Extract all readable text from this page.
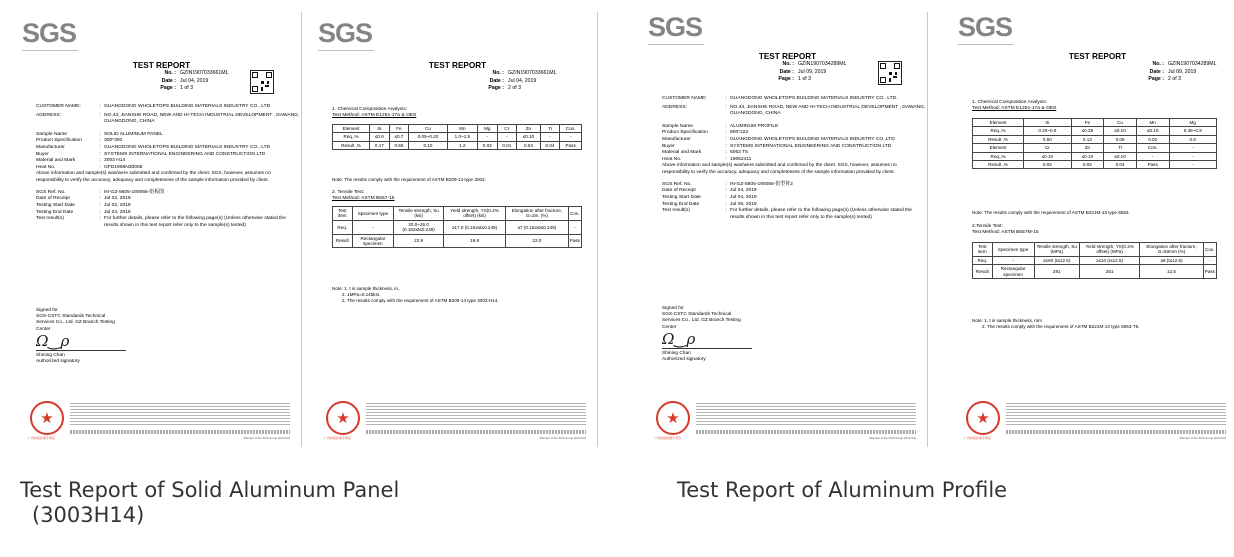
SGS
TEST REPORT
No. : GZIN1907033661ML
Date : Jul 04, 2019
Page : 1 of 3
CUSTOMER NAME:	: GUANGDONG WHOLETOPS BUILDING MATERIALS INDUSTRY CO., LTD
ADDRESS:	: NO.43, JIANSHE ROAD, NEW AND HI-TECH INDUSTRIAL DEVELOPMENT , DAWANG, GUANGDONG, CHINA
Sample Name	: SOLID ALUMINUM PANEL
Product Specification	: 300*300
Manufacturer	: GUANGDONG WHOLETOPS BUILDING MATERIALS INDUSTRY CO., LTD
Buyer	: SYSTEMS INTERNATIONAL ENGINEERING AND CONSTRUCTION LTD
Material and Mark	: 3003 H14
Heat No.	: GFD1906N30008
Above information and sample(s) was/were submitted and confirmed by the client. SGS, however, assumes no responsibility to verify the accuracy, adequacy and completeness of the sample information provided by client.
SGS Ref. No.	: IN-GZ-5605-190056-铝板图
Date of Receipt	: Jul 02, 2019
Testing Start Date	: Jul 02, 2019
Testing End Date	: Jul 04, 2019
Test result(s)	: For further details, please refer to the following page(s) (Unless otherwise stated the results shown in this test report refer only to the sample(s) tested)
Signed for
SGS-CSTC Standards Technical
Services Co., Ltd. GZ Branch Testing
Center
Ω‿ρ
Shining Chan
Authorized signatory
★
广州检验检测专用章	Member of the SGS Group (SGS SA)
SGS
TEST REPORT
No. : GZIN1907033661ML
Date : Jul 04, 2019
Page : 2 of 3
1. Chemical Composition Analysis:
Test Method: ASTM E1251-17a & OES
Element	Si	Fe	Cu	Mn	Mg	Cr	Zn	Ti	Con.
Req.,%	≤0.6	≤0.7	0.05~0.20	1.0~1.5	-	-	≤0.10	-	-
Result ,%	0.17	0.55	0.10	1.2	0.03	0.01	0.04	0.04	Pass
Note: The results comply with the requirement of ASTM B209-14 type 3003.
2. Tensile Test:
Test Method: ASTM B557-15
Test item	Specimen type	Tensile strength, Su (ksi)	Yield strength, YS(0.2% offset) (ksi)	Elongation after fracture, G=2in. (%)	Con.
Req.	-	20.0~26.0 (0.162≤t≤0.249)	≥17.0 (0.162≤t≤0.249)	≥7 (0.162≤t≤0.249)	-
Result	Rectangular specimen	22.9	19.9	22.0	Pass
Note: 1. t is sample thickness, in..
2. 1MPa=0.145ksi.
2. The results comply with the requirement of ASTM B209-14 type 3003-H14.
★
广州检验检测专用章	Member of the SGS Group (SGS SA)
SGS
TEST REPORT
No. : GZIN1907034289ML
Date : Jul 09, 2019
Page : 1 of 3
CUSTOMER NAME:	: GUANGDONG WHOLETOPS BUILDING MATERIALS INDUSTRY CO., LTD.
ADDRESS:	: NO.43, JIANSHE ROAD, NEW AND HI-TECH INDUSTRIAL DEVELOPMENT , DAWANG, GUANGDONG, CHINA
Sample Name	: ALUMINUM PROFILE
Product Specification	: 800*222
Manufacturer	: GUANGDONG WHOLETOPS BUILDING MATERIALS INDUSTRY CO.,LTD
Buyer	: SYSTEMS INTERNATIONAL ENGINEERING AND CONSTRUCTION LTD
Material and Mark	: 6063 T5
Heat No.	: 19062411
Above information and sample(s) was/were submitted and confirmed by the client. SGS, however, assumes no responsibility to verify the accuracy, adequacy and completeness of the sample information provided by client.
SGS Ref. No.	: IN-GZ-5605-190056-铝型材2
Date of Receipt	: Jul 04, 2019
Testing Start Date	: Jul 04, 2019
Testing End Date	: Jul 09, 2019
Test result(s)	: For further details, please refer to the following page(s) (Unless otherwise stated the results shown in this test report refer only to the sample(s) tested)
Signed for
SGS-CSTC Standards Technical
Services Co., Ltd. GZ Branch Testing
Center
Ω‿ρ
Shining Chan
Authorized signatory
★
广州检验检测专用章	Member of the SGS Group (SGS SA)
SGS
TEST REPORT
No. : GZIN1907034289ML
Date : Jul 09, 2019
Page : 2 of 3
1. Chemical Composition Analysis:
Test Method: ASTM E1251-17a & OES
Element	Si	Fe	Cu	Mn	Mg
Req.,%	0.20~0.6	≤0.35	≤0.10	≤0.10	0.45~0.9
Result ,%	0.50	0.13	0.06	0.02	0.6
Element	Cr	Zn	Ti	Con.	-
Req.,%	≤0.10	≤0.10	≤0.10	-	-
Result ,%	0.02	0.02	0.04	Pass	-
Note: The results comply with the requirement of ASTM B221M-13 type 6063.
2.Tensile Test:
Test Method: ASTM B557M-15
Test item	Specimen type	Tensile strength, Su (MPa)	Yield strength, YS(0.2% offset) (MPa)	Elongation after fracture, G=50mm (%)	Con.
Req.	-	≥160 (t≤12.5)	≥110 (t≤12.5)	≥8 (t≤12.5)	-
Result	Rectangular specimen	281	251	12.5	Pass
Note: 1. t is sample thickness, mm
2. The results comply with the requirement of ASTM B221M-13 type 6063-T5.
★
广州检验检测专用章	Member of the SGS Group (SGS SA)
Test Report of Solid Aluminum Panel
(3003H14)
Test Report of Aluminum Profile
